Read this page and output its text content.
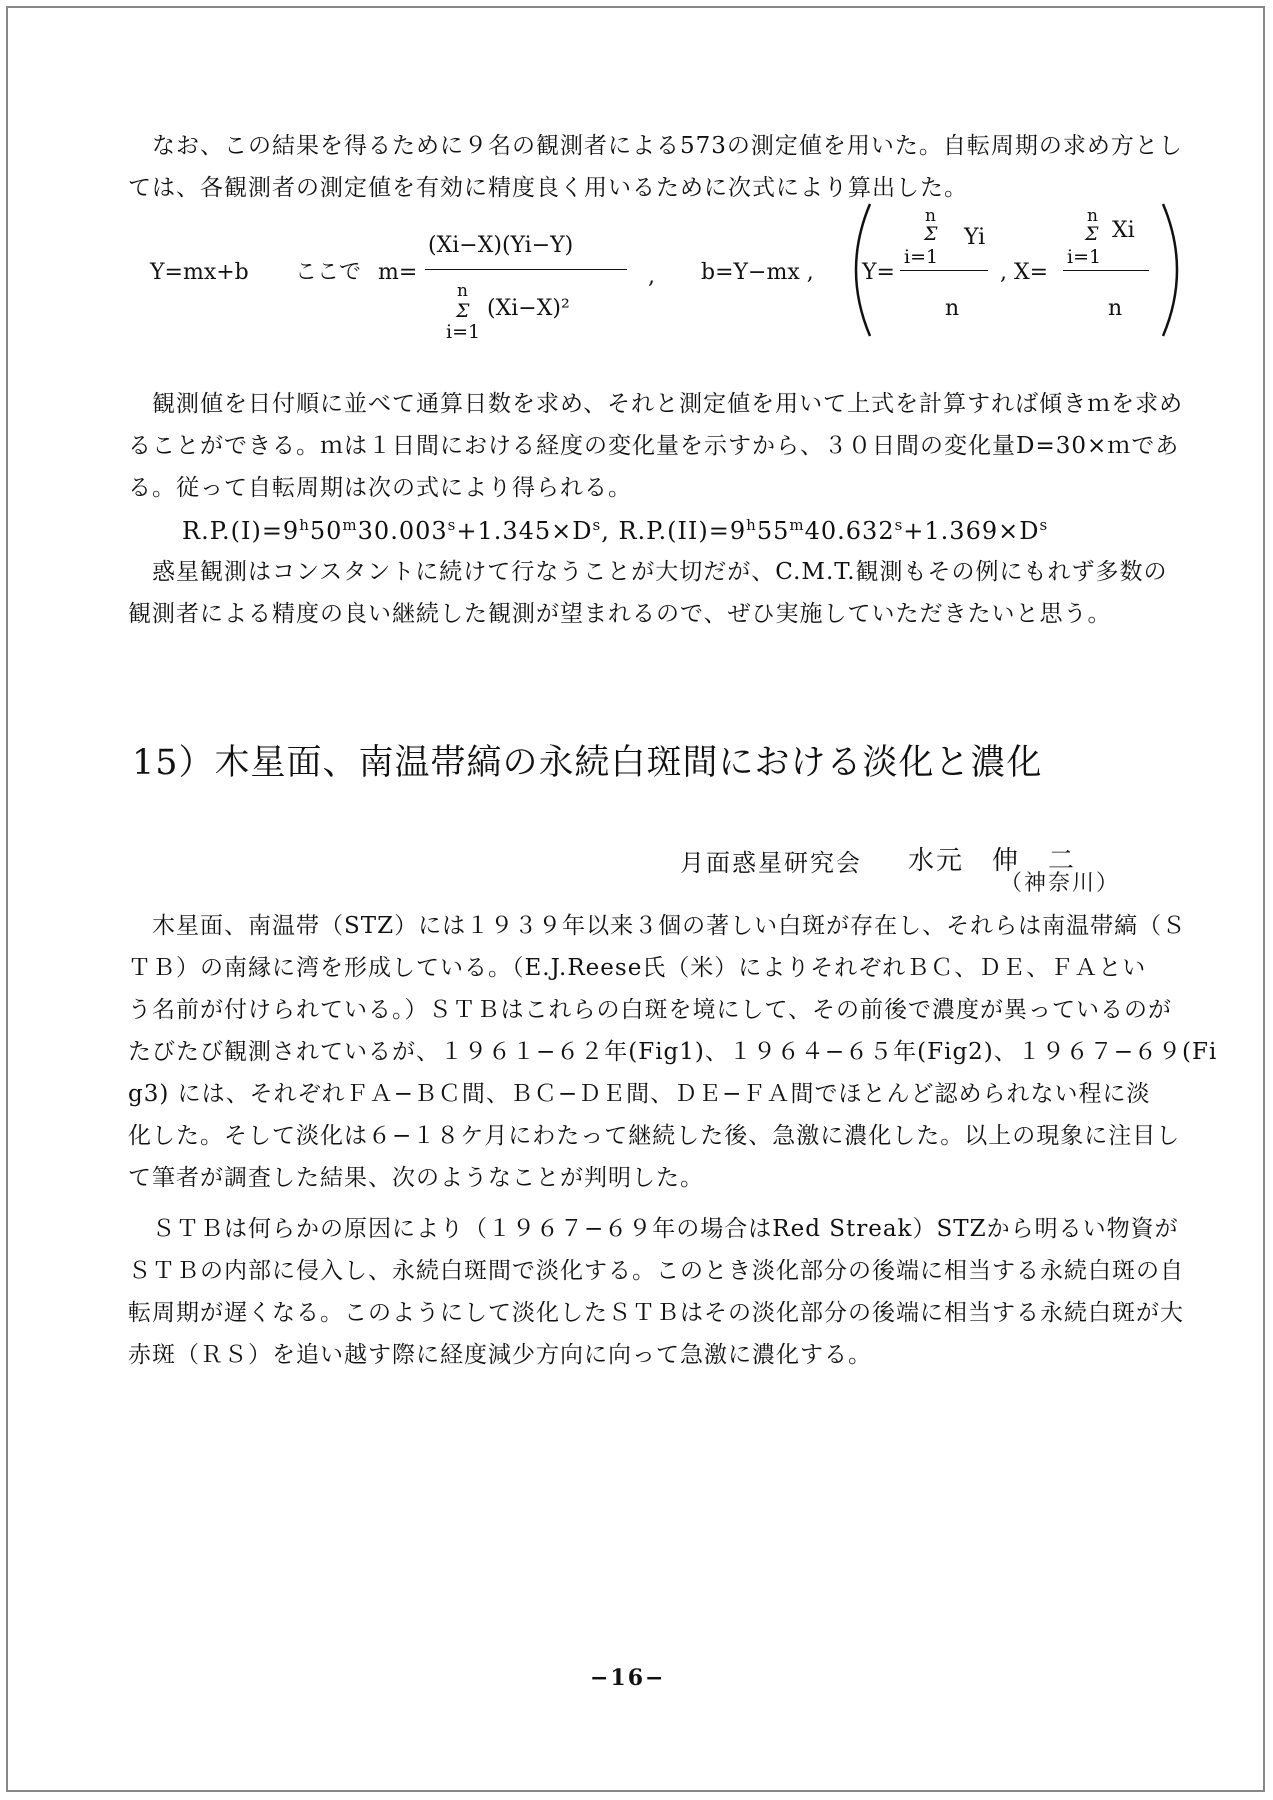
なお、この結果を得るために９名の観測者による573の測定値を用いた。自転周期の求め方とし
ては、各観測者の測定値を有効に精度良く用いるために次式により算出した。
Y=mx+b ここで m=
(Xi−X)(Yi−Y)
n
Σ
i=1
(Xi−X)²
, b=Y−mx , Y=
n
Σ Yi
i=1
n
, X=
n
Σ Xi
i=1
n
観測値を日付順に並べて通算日数を求め、それと測定値を用いて上式を計算すれば傾きｍを求め
ることができる。ｍは１日間における経度の変化量を示すから、３０日間の変化量D=30×ｍであ
る。従って自転周期は次の式により得られる。
$R.P.(I)=9^h50^m30.003^s+1.345\times D^s$, $R.P.(II)=9^h55^m40.632^s+1.369\times D^s$
惑星観測はコンスタントに続けて行なうことが大切だが、C.M.T.観測もその例にもれず多数の
観測者による精度の良い継続した観測が望まれるので、ぜひ実施していただきたいと思う。
15）木星面、南温帯縞の永続白斑間における淡化と濃化
月面惑星研究会 水元　伸　二
（神奈川）
木星面、南温帯（STZ）には１９３９年以来３個の著しい白斑が存在し、それらは南温帯縞（Ｓ
ＴＢ）の南縁に湾を形成している。（E.J.Reese氏（米）によりそれぞれＢＣ、ＤＥ、ＦＡとい
う名前が付けられている。）ＳＴＢはこれらの白斑を境にして、その前後で濃度が異っているのが
たびたび観測されているが、１９６１−６２年(Fig1)、１９６４−６５年(Fig2)、１９６７−６９(Fi
g3) には、それぞれＦＡ−ＢＣ間、ＢＣ−ＤＥ間、ＤＥ−ＦＡ間でほとんど認められない程に淡
化した。そして淡化は６−１８ケ月にわたって継続した後、急激に濃化した。以上の現象に注目し
て筆者が調査した結果、次のようなことが判明した。
ＳＴＢは何らかの原因により（１９６７−６９年の場合はRed Streak）STZから明るい物資が
ＳＴＢの内部に侵入し、永続白斑間で淡化する。このとき淡化部分の後端に相当する永続白斑の自
転周期が遅くなる。このようにして淡化したＳＴＢはその淡化部分の後端に相当する永続白斑が大
赤斑（ＲＳ）を追い越す際に経度減少方向に向って急激に濃化する。
−16−
